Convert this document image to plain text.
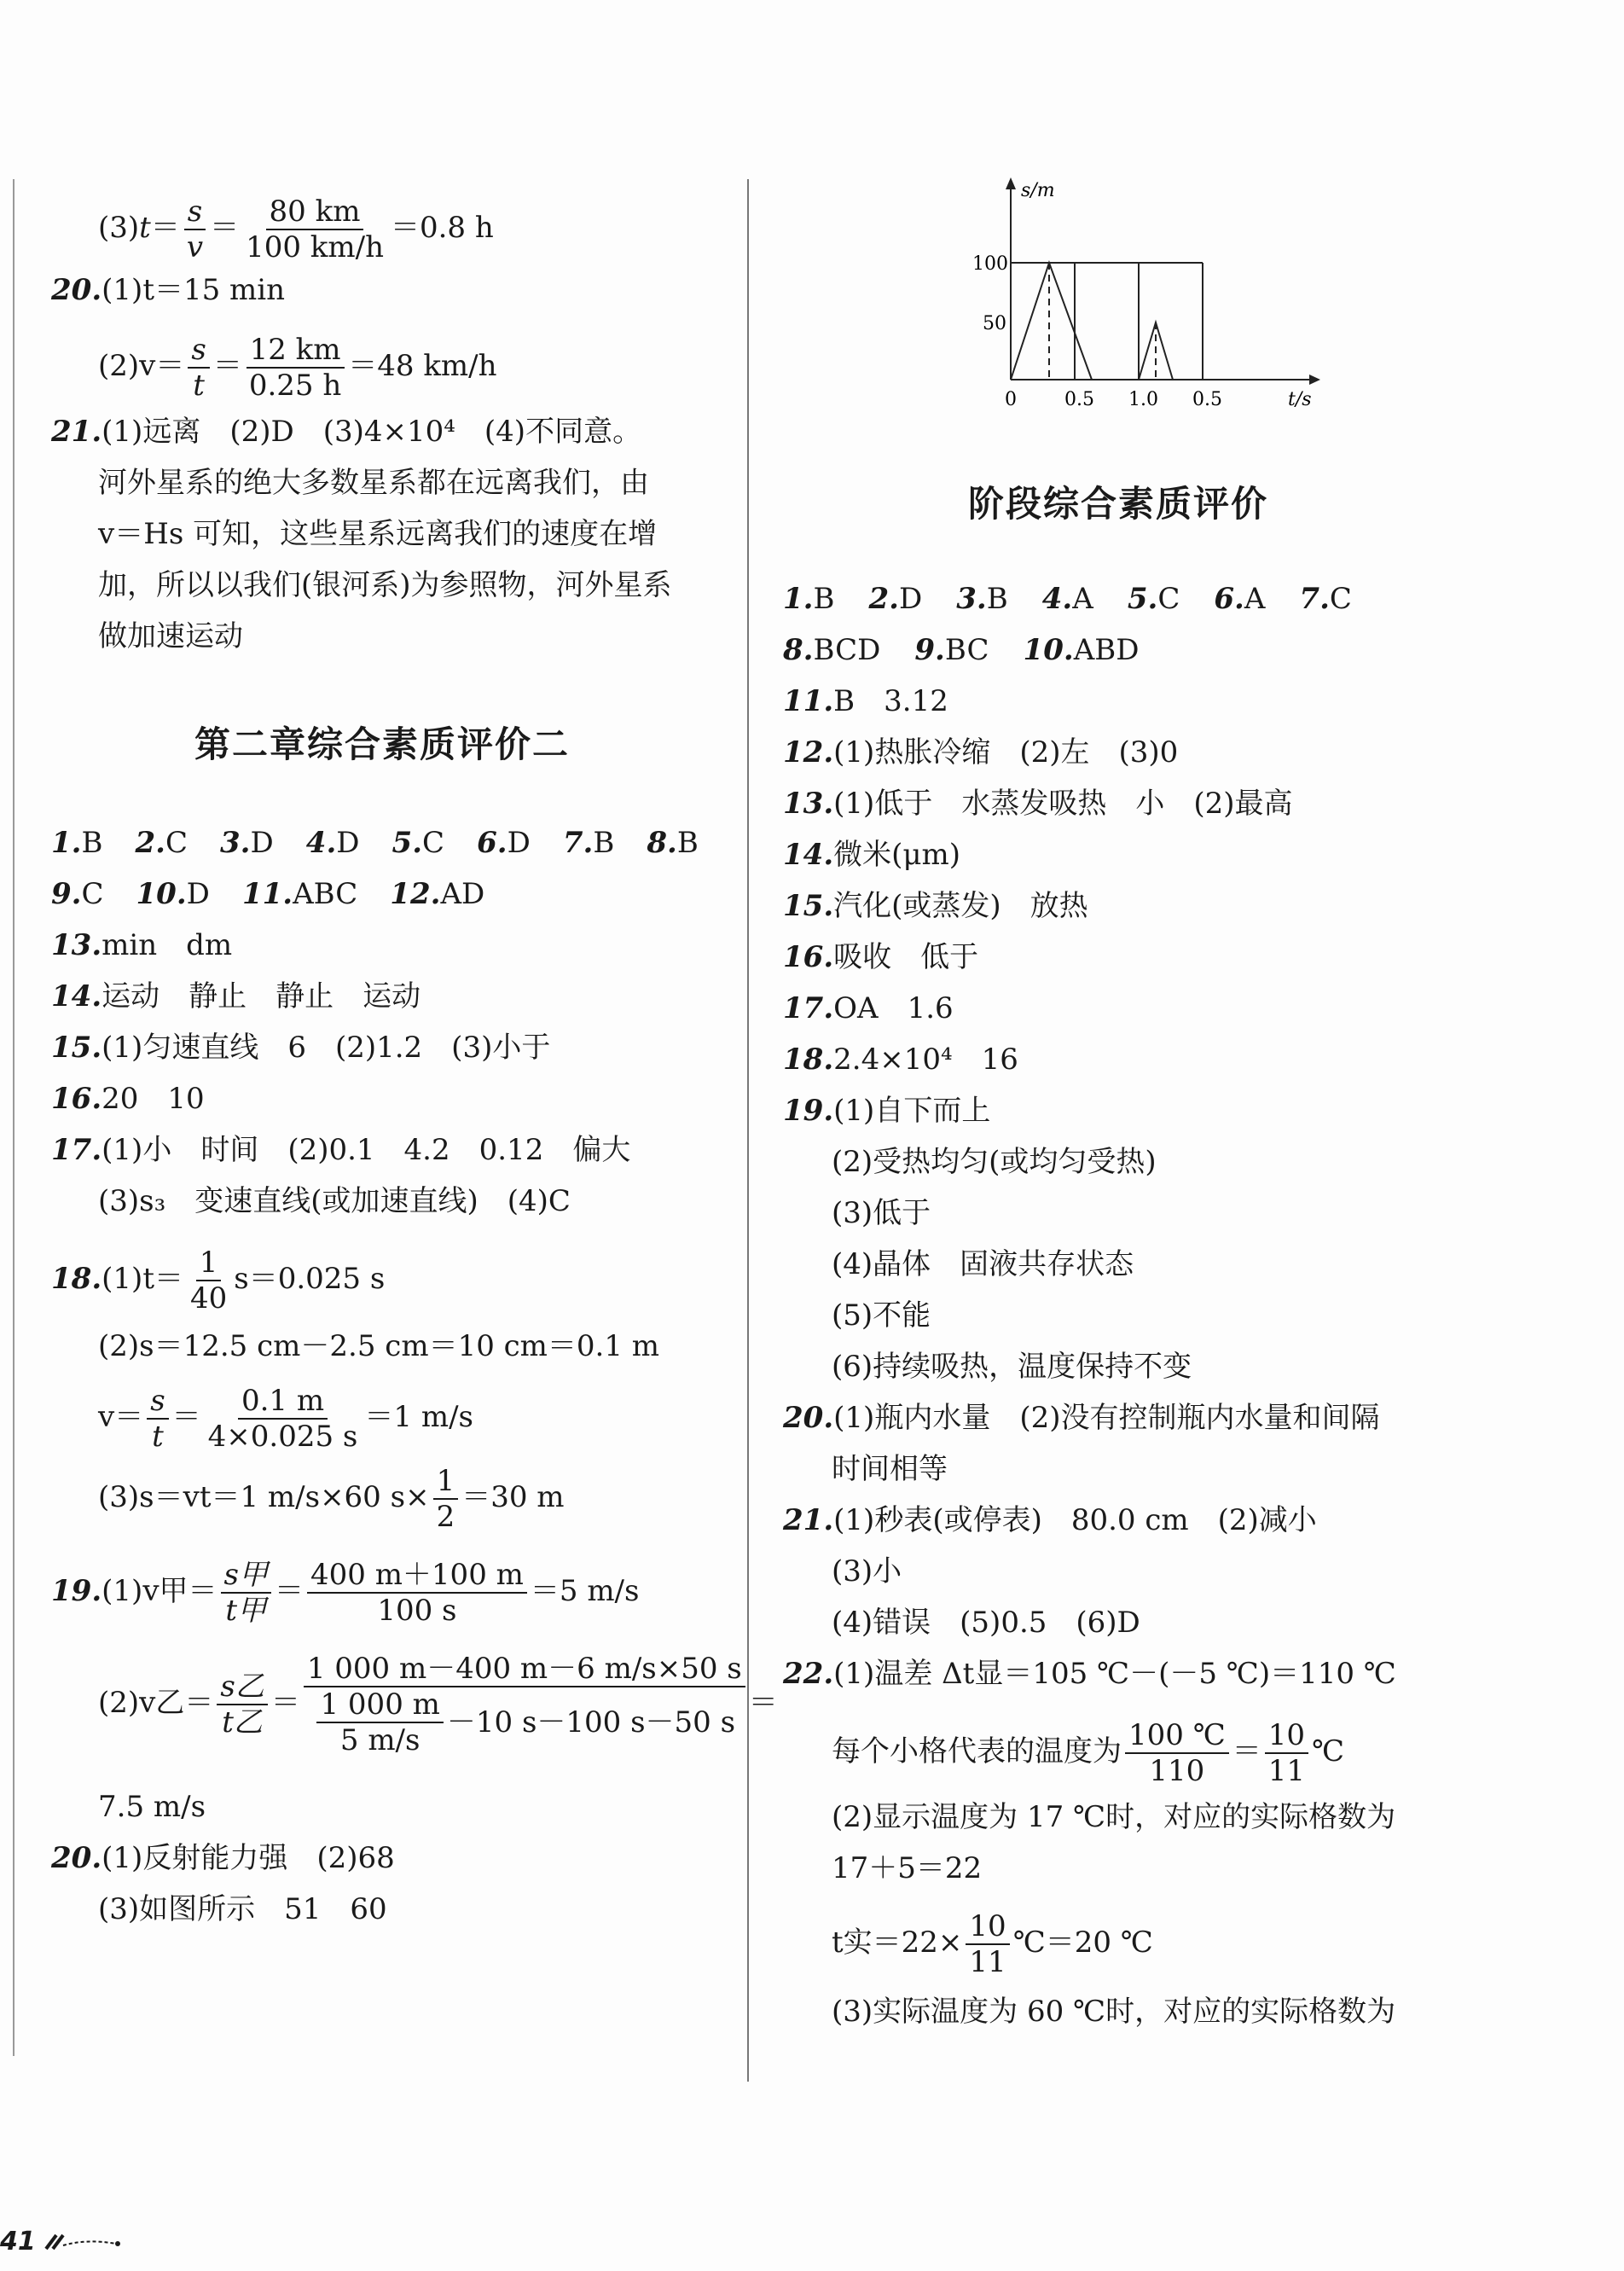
$(3)t= \frac{s}{v} = \frac{80 km}{100 km/h} =0.8$ h
20.(1)t＝15 min
$(2)v= \frac{s}{t} = \frac{12 km}{0.25 h} =48$ km/h
21.(1)远离　(2)D　(3)4×10⁴　(4)不同意。
河外星系的绝大多数星系都在远离我们，由
v＝Hs 可知，这些星系远离我们的速度在增
加，所以以我们(银河系)为参照物，河外星系
做加速运动
第二章综合素质评价二
1.B 2.C 3.D 4.D 5.C 6.D 7.B 8.B
9.C 10.D 11.ABC 12.AD
13.min　dm
14.运动　静止　静止　运动
15.(1)匀速直线　6　(2)1.2　(3)小于
16.20　10
17.(1)小　时间　(2)0.1　4.2　0.12　偏大
(3)s₃　变速直线(或加速直线)　(4)C
$18.(1)t= \frac{1}{40} s=0.025$ s
(2)s＝12.5 cm－2.5 cm＝10 cm＝0.1 m
$v= \frac{s}{t} = \frac{0.1 m}{4\times 0.025 s} =1$ m/s
(3)s＝vt＝1 m/s×60 $s\times \frac{1}{2} =30$ m
19.(1)v甲＝ $\frac{\text{s甲}}{\text{t甲}} = \frac{400 m+100 m}{100 s} =5$ m/s
(2)v乙＝ $\frac{\text{s乙}}{\text{t乙}} = \frac{1 000 m-400 m-6 m/s\times 50 s}{\frac{1 000 m}{5 m/s} -10 s-100 s-50 s}$ ＝
7.5 m/s
20.(1)反射能力强　(2)68
(3)如图所示　51　60
s/m
t/s
100
50
0	0.5 1.0 0.5
阶段综合素质评价
1.B 2.D 3.B 4.A 5.C 6.A 7.C
8.BCD 9.BC 10.ABD
11.B　3.12
12.(1)热胀冷缩　(2)左　(3)0
13.(1)低于　水蒸发吸热　小　(2)最高
14.微米(μm)
15.汽化(或蒸发)　放热
16.吸收　低于
17.OA　1.6
18.2.4×10⁴　16
19.(1)自下而上
(2)受热均匀(或均匀受热)
(3)低于
(4)晶体　固液共存状态
(5)不能
(6)持续吸热，温度保持不变
20.(1)瓶内水量　(2)没有控制瓶内水量和间隔
时间相等
21.(1)秒表(或停表)　80.0 cm　(2)减小
(3)小
(4)错误　(5)0.5　(6)D
22.(1)温差 Δt显＝105 ℃－(－5 ℃)＝110 ℃
每个小格代表的温度为 $\frac{100 ℃}{110} = \frac{10}{11}$ ℃
(2)显示温度为 17 ℃时，对应的实际格数为
17＋5＝22
t实$=22\times \frac{10}{11}$ ℃＝20 ℃
(3)实际温度为 60 ℃时，对应的实际格数为
41
